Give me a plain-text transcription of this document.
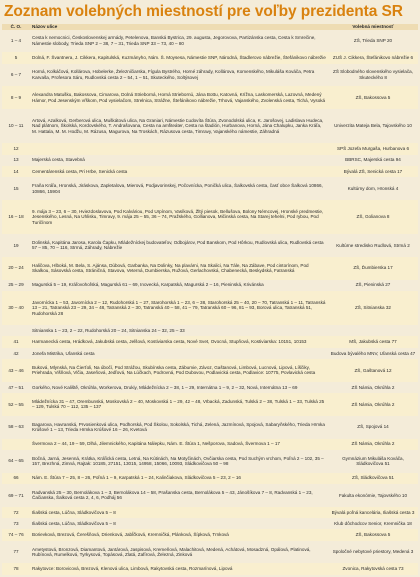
Zoznam volebných miestností pre voľby prezidenta SR
Č. O.	Názov ulice	Volebná miestnosť
1 – 4	Cesta k nemocnici, Československej armády, Petelenova, Banská Bystrica, 29. augusta, Jegorovova, Partizánska cesta, Cesta k Smrečine, Námestie slobody, Trieda SNP 2 – 38, 7 – 31, Trieda SNP 33 – 73, 40 – 80	ZŠ, Trieda SNP 20
5	Dolná, F. Švantnera, J. Cikkera, Kapitulská, Kuzmányho, Nám. Š. Moysesa, Námestie SNP, Národná, Štadlerovo nábrežie, Štefánikovo nábrežie	ZUŠ J. Cikkera, Štefánikovo nábrežie 6
6 – 7	Horná, Kolkáčová, Kollárova, Hobelerke, Železničiarska, Fígula Bystrého, Horné záhrady, Kollárova, Komenského, Mikuláša Kováča, Petra Karvaša, Profesora Sáru, Rudlovská cesta 2 – 54, 1 – 51, Skuteckého, Soltýsovej	ZŠ Slobodného slovenského vysielača, Skuteckého 8
8 – 9	Alexandra Matušku, Bakossova, Cimarova, Dolná Strieborná, Horná Striebornú, Jána Bottu, Katovná, Krížna, Laskomerská, Lazovná, Medený Hámor, Pod Jesenským vŕškom, Pod vysielačom, Strelnica, Strážne, Štefánikovo nábrežie, Trhová, Vajanského, Zvolenská cesta, Tichá, Vysoká	ZŠ, Bakossova 5
10 – 11	Artová, Azalková, Gerberová ulica, Muškátová ulica, Na Graniari, Námestie Ľudovíta Štúra, Zvonodolská ulica, K. Jarošovej, Ladislava Hudeca, Nad plátnom, Školská, Kordovského, T. Andrašovana, Cesta na amfiteáter, Cesta na štadión, Hurbanova, Horná, Jána Chalupku, Janka Kráľa, M. Hattala, M. M. Hodžu, M. Rázusa, Magurova, Na Troskách, Rázusova cesta, Timravy, Vajanského námestie, Záhradná	Univerzita Mateja Bela, Tajovského 10
12		SPŠ Jozefa Murgaša, Hurbanova 6
13	Majerská cesta, Stavebná	BBRSC, Majerská cesta 94
14	Cementárenská cesta, Pri Hrbe, Senická cesta	Bývalá ZŠ, Senická cesta 17
15	Fraňa Kráľa, Hronská, Jiráskova, Zapletalova, Mierová, Podjavorinskej, Počovnícka, Poničká ulica, Šalkovská cesta, časť obce Šalková 10866, 10866, 15904	Kultúrny dom, Hronská 4
16 – 18	9. mája 3 – 23, 6 – 30, Hviezdoslavova, Pod Kalváriou, Pod Urpínom, Vasíková, Žltý piesok, Bellušova, Bolony Némcovej, Hronské predmestie, Jesenského, Lesná, Na Uhlisku, Timravy, 9. mája 25 – 55, 36 – 74, Pražského, Gollianova, Mičinská cesta, Na Starej tehelni, Pod rybou, Pod Turičínom	ZŠ, Golianova 8
19	Dolinská, Kapitána Jarosa, Karola Čapku, Mládežníckej budovateľov, Odbojárov, Pod Banskom, Pod Hôrkou, Rudlovská ulica, Rudlovská cesta 57 – 85, 70 – 116, Strmá, Záhrady, Nábrežie	Kultúrne stredisko Rudlová, Strmá 2
20 – 24	Haličova, Hlboká, M. Bela, S. Ajánsa, Dúbová, Garbanka, Na Dolinky, Na plavárni, Na Skalici, Na Tále, Na Zábave, Pod cintorínom, Pod Skalkou, Sásovská cesta, Stráničná, Stavova, Veterná, Dumbierska, Ružová, Gerlachovská, Chabenecká, Beskydská, Fatranská	ZŠ, Ďumbierska 17
25 – 29	Magurská 5 – 19, Kráľovohoľská, Magurská 61 – 69, Inovecká, Karpatská, Magurská 2 – 16, Pieninská, Krivánska	ZŠ, Pieninská 27
30 – 40	Javornícka 1 – 53, Javornícka 2 – 12, Rudohorská 1 – 27, Starohorská 1 – 23, 6 – 38, Starohorská 25 – 40, 20 – 70, Tatranská 1 – 11, Tatranská 13 – 21, Tatranská 23 – 29, 34 – 48, Tatranská 2 – 30, Tatranská 40 – 58, 41 – 79, Tatranská 60 – 96, 81 – 93, Borová ulica, Tatranská 51, Rudohorská 28	ZŠ, Sitnianska 32
	Sitnianska 1 – 23, 2 – 22, Rudohorská 20 – 24, Sitnianska 24 – 32, 25 – 33	
41	Harmanecká cesta, Hrádková, Jakubská cesta, Jelšová, Kostiviarska cesta, Nové Svet, Ovocná, Stupňová, Kostiviarska: 10151, 10153	MŠ, Jakubská cesta 77
42	Jonefa Mistrika, Uľanská cesta	Budova bývalého MNV, Uľanská cesta 47
43 – 46	Buková, Mlynská, Na Čierťoli, Na úbočí, Pod Strážou, Skubínska cesta, Zábumie, Závoz, Gaštanová, Limbová, Lucnová, Lipová, Líščiky, Priehrada, Višňová, Vlčia, Jaseňová, Jedľová, Na Lúčkach, Podrovná, Pod Dubovou, Podlavická cesta, Podlavice: 10775, Povlavická cesta	ZŠ, Gaštanová 12
47 – 51	Gorkého, Nové Kaliště, Okrúhla, Workerova, Drukiy, Mládežnícka 2 – 38, 1 – 29, Internátna 1 – 9, 2 – 32, Nová, Internátna 13 – 69	ZŠ Námia, Okrúhla 2
52 – 55	Mládežnícka 31 – 47, Orembunská, Moskovská 2 – 40, Moskovská 1 – 29, 42 – 48, Vrbacká, Zadunská, Tulská 2 – 38, Tulská 1 – 33, Tulská 25 – 129, Tulská 70 – 112, 135 – 137	ZŠ Námia, Okrúhla 2
58 – 63	Bagarova, Havranská, Prvosienková ulica, Podhorská, Pod Školou, Sokolská, Tichá, Zelená, Jazmínová, Spojová, Sabaryňského, Trieda Hrmka Krúšové 1 – 13, Trieda Hrmka Krúšové 16 – 26, Kvetová	ZŠ, Spojová 14
	Švermova 2 – 44, 19 – 59, Dlhá, Jilemnického, Kapitána Nálepku, Nám. E. Štúra 1, Nešporova, Sadová, Švermova 1 – 17	ZŠ Námia, Okrúhla 2
64 – 65	Bočná, Jarná, Jesenná, Krátka, Kráľická cesta, Letná, Na Kútinách, Na Motyčinách, Ovčiarska cesta, Pod Suchým vrchom, Poľná 2 – 102, 35 – 157, Brezhná, Zimná, Rajtak: 10185, 27151, 13015, 14958, 15066, 10093, Sládkovičova 50 – 98	Gymnázium Mikuláša Kováča, Sládkovičova 51
66	Nám. E. Štúra 7 – 25, 8 – 26, Poľná 1 – 9, Karpatská 1 – 24, Kalinčiakova, Sládkovičova 5 – 23, 2 – 16	ZŠ, Sládkovičova 51
69 – 71	Radvanská 25 – 30, Bernolákova 1 – 3, Bernolákova 14 – 58, Prašanska cesta, Bernolákova 5 – 43, Jánošíkova 7 – 8, Radvanská 1 – 23, Čačianska, Šalková cesta 2, 4, 6, Podháj 56	Fakulta ekonómie, Tajovského 10
72	Iliašská cesta, Lúčna, Sládkovičova 5 – 8	Bývalá poľná kancelária, Iliašská cesta 3
73	Iliašská cesta, Lúčna, Sládkovičova 5 – 8	Klub dôchodcov Senior, Kremnička 18
74 – 76	Borievková, Brezová, Čerešňová, Drienková, Jabĺčková, Kremničká, Plánková, Šípková, Trnková	ZŠ, Bakossova 5
77	Ametystová, Bronzová, Diamantová, Jantárová, Jaspisová, Kremeňová, Malachitová, Medená, Achátová, Mosadzná, Opálová, Platinová, Rubínová, Rumelková, Tyrkysová, Topásová, Zlatá, Zafírová, Železná, Zinková	Spoločné nebytové priestory, Medená 3
78	Rakytovce: Borovicová, Brezová, Klenová ulica, Limbová, Rakytovská cesta, Rozmarínová, Lipová	Zvonica, Rakytovská cesta 73
